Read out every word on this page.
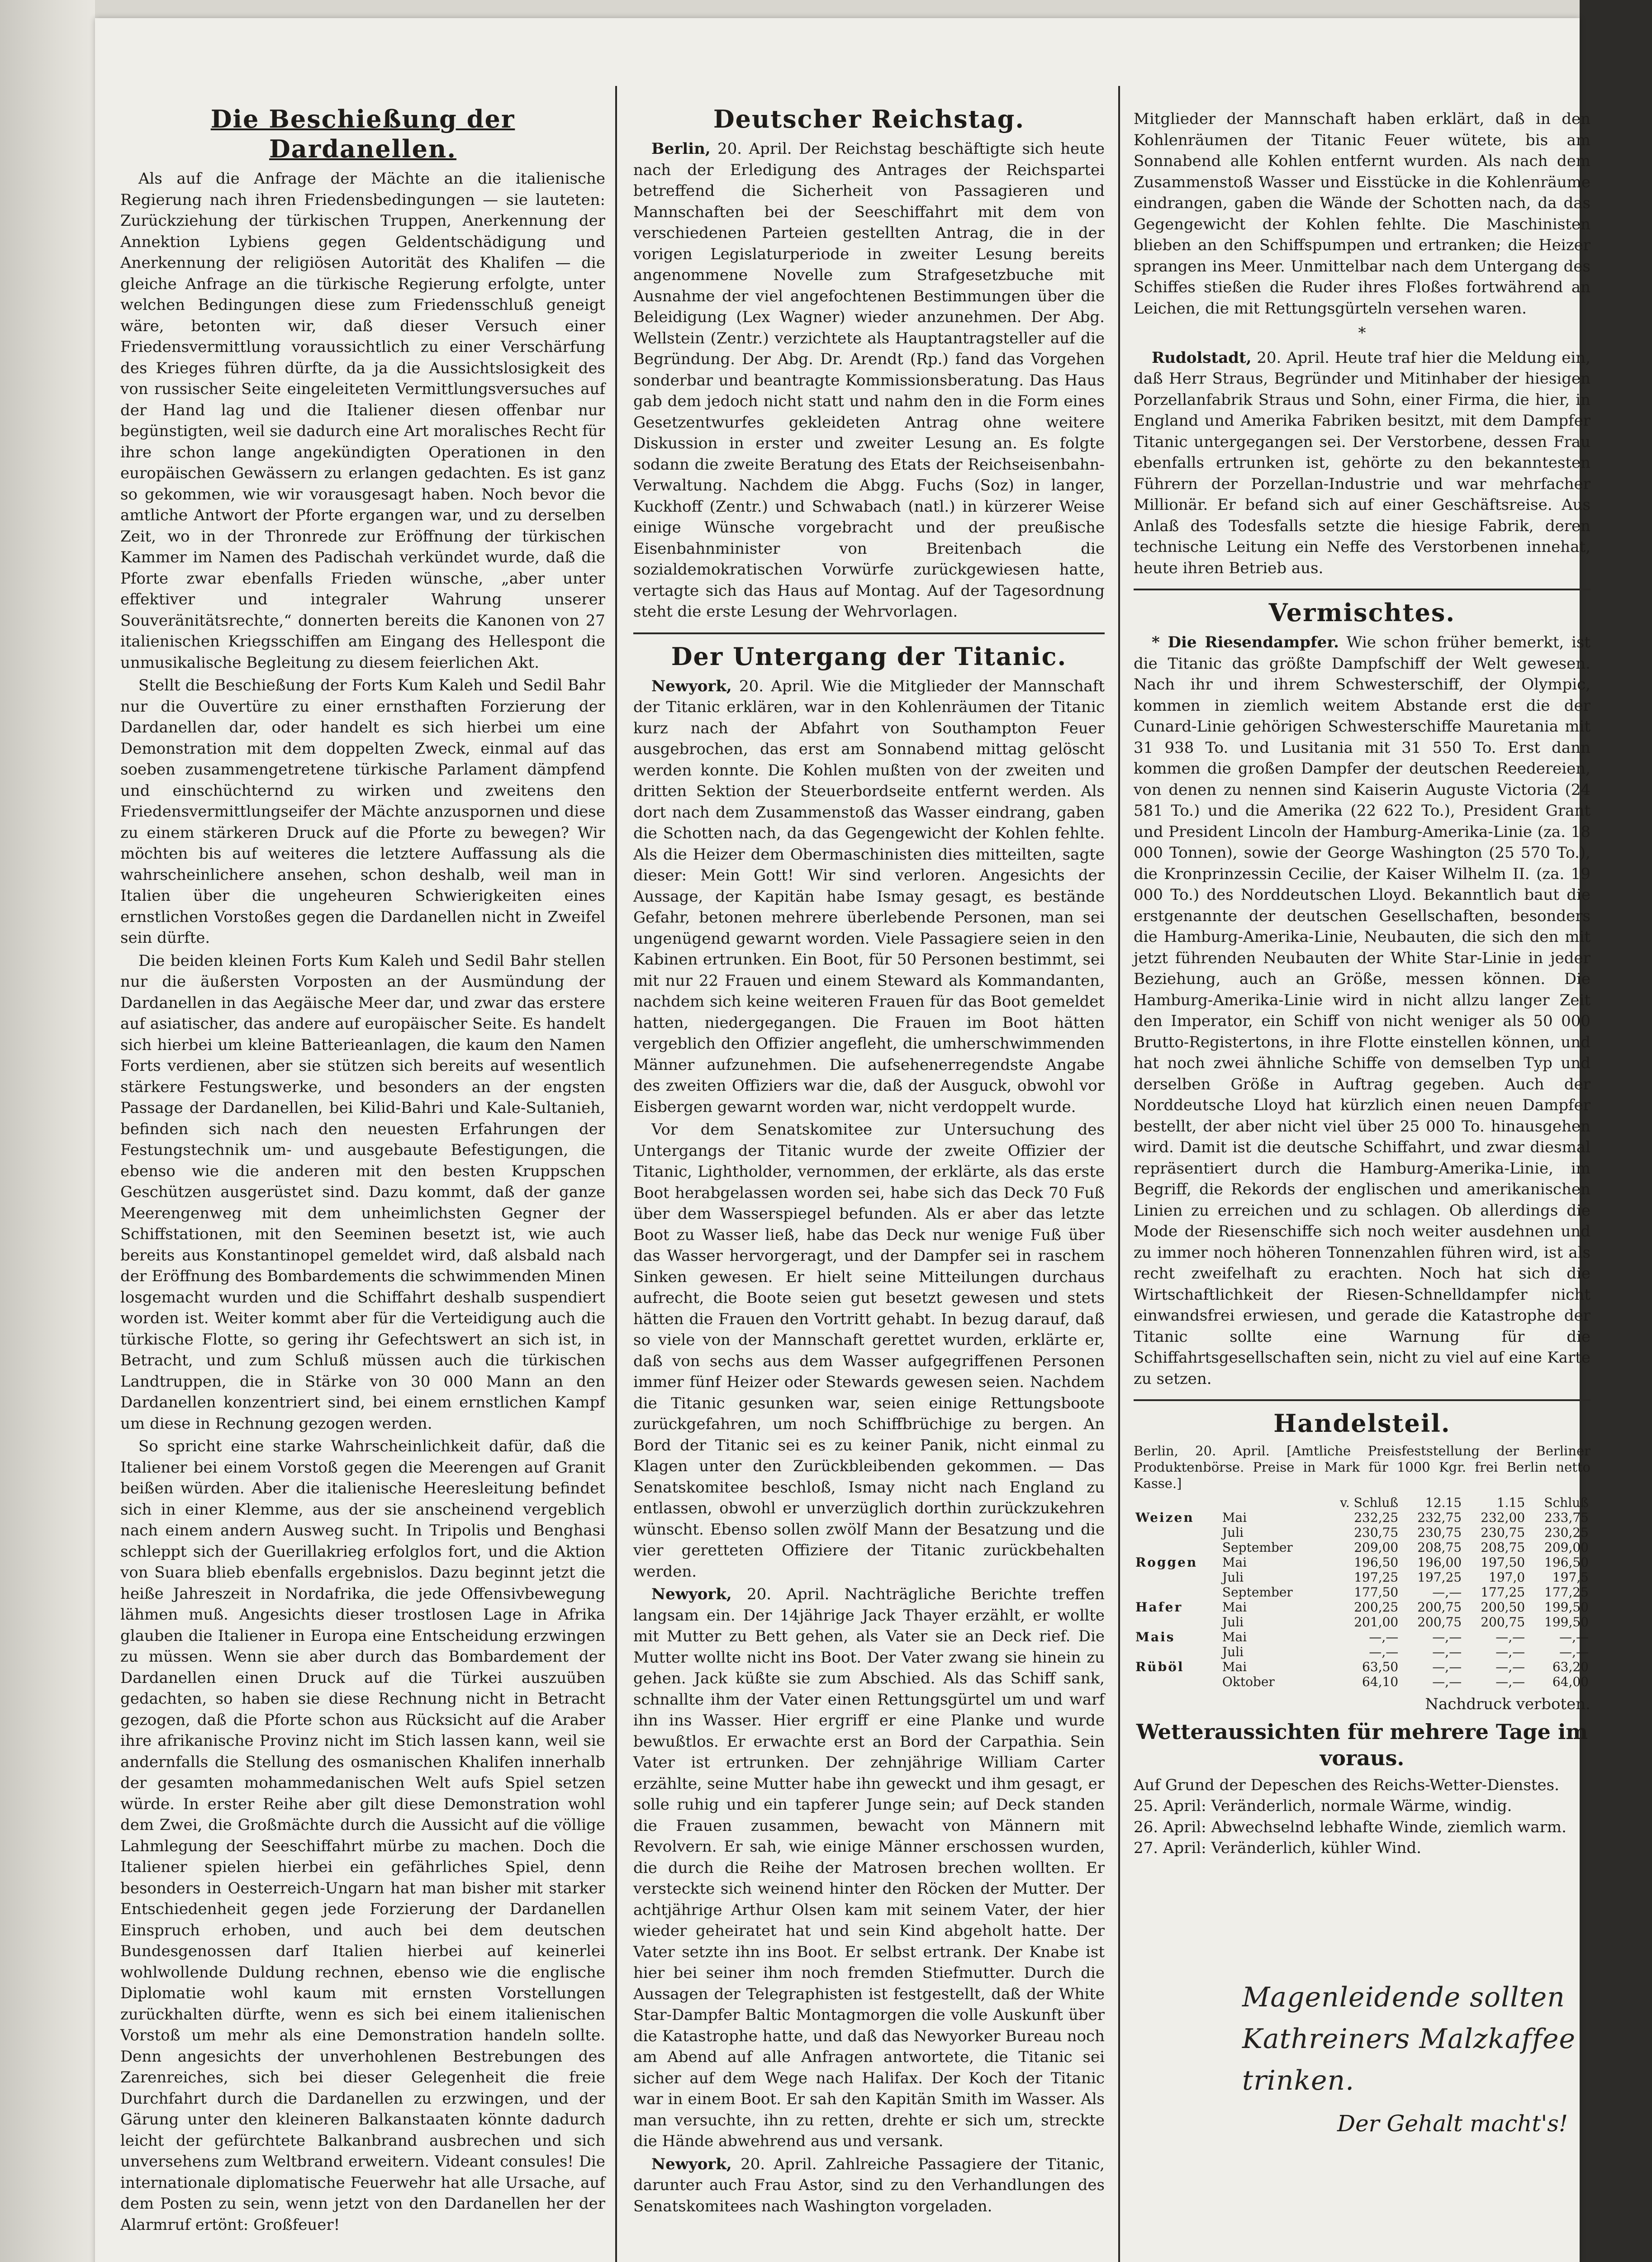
Die Beschießung der Dardanellen.

Als auf die Anfrage der Mächte an die italienische Regierung nach ihren Friedensbedingungen — sie lauteten: Zurückziehung der türkischen Truppen, Anerkennung der Annektion Lybiens gegen Geldentschädigung und Anerkennung der religiösen Autorität des Khalifen — die gleiche Anfrage an die türkische Regierung erfolgte, unter welchen Bedingungen diese zum Friedensschluß geneigt wäre, betonten wir, daß dieser Versuch einer Friedensvermittlung voraussichtlich zu einer Verschärfung des Krieges führen dürfte, da ja die Aussichtslosigkeit des von russischer Seite eingeleiteten Vermittlungsversuches auf der Hand lag und die Italiener diesen offenbar nur begünstigten, weil sie dadurch eine Art moralisches Recht für ihre schon lange angekündigten Operationen in den europäischen Gewässern zu erlangen gedachten. Es ist ganz so gekommen, wie wir vorausgesagt haben. Noch bevor die amtliche Antwort der Pforte ergangen war, und zu derselben Zeit, wo in der Thronrede zur Eröffnung der türkischen Kammer im Namen des Padischah verkündet wurde, daß die Pforte zwar ebenfalls Frieden wünsche, „aber unter effektiver und integraler Wahrung unserer Souveränitätsrechte,“ donnerten bereits die Kanonen von 27 italienischen Kriegsschiffen am Eingang des Hellespont die unmusikalische Begleitung zu diesem feierlichen Akt.

Stellt die Beschießung der Forts Kum Kaleh und Sedil Bahr nur die Ouvertüre zu einer ernsthaften Forzierung der Dardanellen dar, oder handelt es sich hierbei um eine Demonstration mit dem doppelten Zweck, einmal auf das soeben zusammengetretene türkische Parlament dämpfend und einschüchternd zu wirken und zweitens den Friedensvermittlungseifer der Mächte anzuspornen und diese zu einem stärkeren Druck auf die Pforte zu bewegen? Wir möchten bis auf weiteres die letztere Auffassung als die wahrscheinlichere ansehen, schon deshalb, weil man in Italien über die ungeheuren Schwierigkeiten eines ernstlichen Vorstoßes gegen die Dardanellen nicht in Zweifel sein dürfte.

Die beiden kleinen Forts Kum Kaleh und Sedil Bahr stellen nur die äußersten Vorposten an der Ausmündung der Dardanellen in das Aegäische Meer dar, und zwar das erstere auf asiatischer, das andere auf europäischer Seite. Es handelt sich hierbei um kleine Batterieanlagen, die kaum den Namen Forts verdienen, aber sie stützen sich bereits auf wesentlich stärkere Festungswerke, und besonders an der engsten Passage der Dardanellen, bei Kilid-Bahri und Kale-Sultanieh, befinden sich nach den neuesten Erfahrungen der Festungstechnik um- und ausgebaute Befestigungen, die ebenso wie die anderen mit den besten Kruppschen Geschützen ausgerüstet sind. Dazu kommt, daß der ganze Meerengenweg mit dem unheimlichsten Gegner der Schiffstationen, mit den Seeminen besetzt ist, wie auch bereits aus Konstantinopel gemeldet wird, daß alsbald nach der Eröffnung des Bombardements die schwimmenden Minen losgemacht wurden und die Schiffahrt deshalb suspendiert worden ist. Weiter kommt aber für die Verteidigung auch die türkische Flotte, so gering ihr Gefechtswert an sich ist, in Betracht, und zum Schluß müssen auch die türkischen Landtruppen, die in Stärke von 30 000 Mann an den Dardanellen konzentriert sind, bei einem ernstlichen Kampf um diese in Rechnung gezogen werden.

So spricht eine starke Wahrscheinlichkeit dafür, daß die Italiener bei einem Vorstoß gegen die Meerengen auf Granit beißen würden. Aber die italienische Heeresleitung befindet sich in einer Klemme, aus der sie anscheinend vergeblich nach einem andern Ausweg sucht. In Tripolis und Benghasi schleppt sich der Guerillakrieg erfolglos fort, und die Aktion von Suara blieb ebenfalls ergebnislos. Dazu beginnt jetzt die heiße Jahreszeit in Nordafrika, die jede Offensivbewegung lähmen muß. Angesichts dieser trostlosen Lage in Afrika glauben die Italiener in Europa eine Entscheidung erzwingen zu müssen. Wenn sie aber durch das Bombardement der Dardanellen einen Druck auf die Türkei auszuüben gedachten, so haben sie diese Rechnung nicht in Betracht gezogen, daß die Pforte schon aus Rücksicht auf die Araber ihre afrikanische Provinz nicht im Stich lassen kann, weil sie andernfalls die Stellung des osmanischen Khalifen innerhalb der gesamten mohammedanischen Welt aufs Spiel setzen würde. In erster Reihe aber gilt diese Demonstration wohl dem Zwei, die Großmächte durch die Aussicht auf die völlige Lahmlegung der Seeschiffahrt mürbe zu machen. Doch die Italiener spielen hierbei ein gefährliches Spiel, denn besonders in Oesterreich-Ungarn hat man bisher mit starker Entschiedenheit gegen jede Forzierung der Dardanellen Einspruch erhoben, und auch bei dem deutschen Bundesgenossen darf Italien hierbei auf keinerlei wohlwollende Duldung rechnen, ebenso wie die englische Diplomatie wohl kaum mit ernsten Vorstellungen zurückhalten dürfte, wenn es sich bei einem italienischen Vorstoß um mehr als eine Demonstration handeln sollte. Denn angesichts der unverhohlenen Bestrebungen des Zarenreiches, sich bei dieser Gelegenheit die freie Durchfahrt durch die Dardanellen zu erzwingen, und der Gärung unter den kleineren Balkanstaaten könnte dadurch leicht der gefürchtete Balkanbrand ausbrechen und sich unversehens zum Weltbrand erweitern. Videant consules! Die internationale diplomatische Feuerwehr hat alle Ursache, auf dem Posten zu sein, wenn jetzt von den Dardanellen her der Alarmruf ertönt: Großfeuer!

Deutscher Reichstag.

Berlin, 20. April. Der Reichstag beschäftigte sich heute nach der Erledigung des Antrages der Reichspartei betreffend die Sicherheit von Passagieren und Mannschaften bei der Seeschiffahrt mit dem von verschiedenen Parteien gestellten Antrag, die in der vorigen Legislaturperiode in zweiter Lesung bereits angenommene Novelle zum Strafgesetzbuche mit Ausnahme der viel angefochtenen Bestimmungen über die Beleidigung (Lex Wagner) wieder anzunehmen. Der Abg. Wellstein (Zentr.) verzichtete als Hauptantragsteller auf die Begründung. Der Abg. Dr. Arendt (Rp.) fand das Vorgehen sonderbar und beantragte Kommissionsberatung. Das Haus gab dem jedoch nicht statt und nahm den in die Form eines Gesetzentwurfes gekleideten Antrag ohne weitere Diskussion in erster und zweiter Lesung an. Es folgte sodann die zweite Beratung des Etats der Reichseisenbahn-Verwaltung. Nachdem die Abgg. Fuchs (Soz) in langer, Kuckhoff (Zentr.) und Schwabach (natl.) in kürzerer Weise einige Wünsche vorgebracht und der preußische Eisenbahnminister von Breitenbach die sozialdemokratischen Vorwürfe zurückgewiesen hatte, vertagte sich das Haus auf Montag. Auf der Tagesordnung steht die erste Lesung der Wehrvorlagen.

Der Untergang der Titanic.

Newyork, 20. April. Wie die Mitglieder der Mannschaft der Titanic erklären, war in den Kohlenräumen der Titanic kurz nach der Abfahrt von Southampton Feuer ausgebrochen, das erst am Sonnabend mittag gelöscht werden konnte. Die Kohlen mußten von der zweiten und dritten Sektion der Steuerbordseite entfernt werden. Als dort nach dem Zusammenstoß das Wasser eindrang, gaben die Schotten nach, da das Gegengewicht der Kohlen fehlte. Als die Heizer dem Obermaschinisten dies mitteilten, sagte dieser: Mein Gott! Wir sind verloren. Angesichts der Aussage, der Kapitän habe Ismay gesagt, es bestände Gefahr, betonen mehrere überlebende Personen, man sei ungenügend gewarnt worden. Viele Passagiere seien in den Kabinen ertrunken. Ein Boot, für 50 Personen bestimmt, sei mit nur 22 Frauen und einem Steward als Kommandanten, nachdem sich keine weiteren Frauen für das Boot gemeldet hatten, niedergegangen. Die Frauen im Boot hätten vergeblich den Offizier angefleht, die umherschwimmenden Männer aufzunehmen. Die aufsehenerregendste Angabe des zweiten Offiziers war die, daß der Ausguck, obwohl vor Eisbergen gewarnt worden war, nicht verdoppelt wurde.

Vor dem Senatskomitee zur Untersuchung des Untergangs der Titanic wurde der zweite Offizier der Titanic, Lightholder, vernommen, der erklärte, als das erste Boot herabgelassen worden sei, habe sich das Deck 70 Fuß über dem Wasserspiegel befunden. Als er aber das letzte Boot zu Wasser ließ, habe das Deck nur wenige Fuß über das Wasser hervorgeragt, und der Dampfer sei in raschem Sinken gewesen. Er hielt seine Mitteilungen durchaus aufrecht, die Boote seien gut besetzt gewesen und stets hätten die Frauen den Vortritt gehabt. In bezug darauf, daß so viele von der Mannschaft gerettet wurden, erklärte er, daß von sechs aus dem Wasser aufgegriffenen Personen immer fünf Heizer oder Stewards gewesen seien. Nachdem die Titanic gesunken war, seien einige Rettungsboote zurückgefahren, um noch Schiffbrüchige zu bergen. An Bord der Titanic sei es zu keiner Panik, nicht einmal zu Klagen unter den Zurückbleibenden gekommen. — Das Senatskomitee beschloß, Ismay nicht nach England zu entlassen, obwohl er unverzüglich dorthin zurückzukehren wünscht. Ebenso sollen zwölf Mann der Besatzung und die vier geretteten Offiziere der Titanic zurückbehalten werden.

Newyork, 20. April. Nachträgliche Berichte treffen langsam ein. Der 14jährige Jack Thayer erzählt, er wollte mit Mutter zu Bett gehen, als Vater sie an Deck rief. Die Mutter wollte nicht ins Boot. Der Vater zwang sie hinein zu gehen. Jack küßte sie zum Abschied. Als das Schiff sank, schnallte ihm der Vater einen Rettungsgürtel um und warf ihn ins Wasser. Hier ergriff er eine Planke und wurde bewußtlos. Er erwachte erst an Bord der Carpathia. Sein Vater ist ertrunken. Der zehnjährige William Carter erzählte, seine Mutter habe ihn geweckt und ihm gesagt, er solle ruhig und ein tapferer Junge sein; auf Deck standen die Frauen zusammen, bewacht von Männern mit Revolvern. Er sah, wie einige Männer erschossen wurden, die durch die Reihe der Matrosen brechen wollten. Er versteckte sich weinend hinter den Röcken der Mutter. Der achtjährige Arthur Olsen kam mit seinem Vater, der hier wieder geheiratet hat und sein Kind abgeholt hatte. Der Vater setzte ihn ins Boot. Er selbst ertrank. Der Knabe ist hier bei seiner ihm noch fremden Stiefmutter. Durch die Aussagen der Telegraphisten ist festgestellt, daß der White Star-Dampfer Baltic Montagmorgen die volle Auskunft über die Katastrophe hatte, und daß das Newyorker Bureau noch am Abend auf alle Anfragen antwortete, die Titanic sei sicher auf dem Wege nach Halifax. Der Koch der Titanic war in einem Boot. Er sah den Kapitän Smith im Wasser. Als man versuchte, ihn zu retten, drehte er sich um, streckte die Hände abwehrend aus und versank.

Newyork, 20. April. Zahlreiche Passagiere der Titanic, darunter auch Frau Astor, sind zu den Verhandlungen des Senatskomitees nach Washington vorgeladen.

Mitglieder der Mannschaft haben erklärt, daß in den Kohlenräumen der Titanic Feuer wütete, bis am Sonnabend alle Kohlen entfernt wurden. Als nach dem Zusammenstoß Wasser und Eisstücke in die Kohlenräume eindrangen, gaben die Wände der Schotten nach, da das Gegengewicht der Kohlen fehlte. Die Maschinisten blieben an den Schiffspumpen und ertranken; die Heizer sprangen ins Meer. Unmittelbar nach dem Untergang des Schiffes stießen die Ruder ihres Floßes fortwährend an Leichen, die mit Rettungsgürteln versehen waren.

*

Rudolstadt, 20. April. Heute traf hier die Meldung ein, daß Herr Straus, Begründer und Mitinhaber der hiesigen Porzellanfabrik Straus und Sohn, einer Firma, die hier, in England und Amerika Fabriken besitzt, mit dem Dampfer Titanic untergegangen sei. Der Verstorbene, dessen Frau ebenfalls ertrunken ist, gehörte zu den bekanntesten Führern der Porzellan-Industrie und war mehrfacher Millionär. Er befand sich auf einer Geschäftsreise. Aus Anlaß des Todesfalls setzte die hiesige Fabrik, deren technische Leitung ein Neffe des Verstorbenen innehat, heute ihren Betrieb aus.

Vermischtes.

* Die Riesendampfer. Wie schon früher bemerkt, ist die Titanic das größte Dampfschiff der Welt gewesen. Nach ihr und ihrem Schwesterschiff, der Olympic, kommen in ziemlich weitem Abstande erst die der Cunard-Linie gehörigen Schwesterschiffe Mauretania mit 31 938 To. und Lusitania mit 31 550 To. Erst dann kommen die großen Dampfer der deutschen Reedereien, von denen zu nennen sind Kaiserin Auguste Victoria (24 581 To.) und die Amerika (22 622 To.), President Grant und President Lincoln der Hamburg-Amerika-Linie (za. 18 000 Tonnen), sowie der George Washington (25 570 To.), die Kronprinzessin Cecilie, der Kaiser Wilhelm II. (za. 19 000 To.) des Norddeutschen Lloyd. Bekanntlich baut die erstgenannte der deutschen Gesellschaften, besonders die Hamburg-Amerika-Linie, Neubauten, die sich den mit jetzt führenden Neubauten der White Star-Linie in jeder Beziehung, auch an Größe, messen können. Die Hamburg-Amerika-Linie wird in nicht allzu langer Zeit den Imperator, ein Schiff von nicht weniger als 50 000 Brutto-Registertons, in ihre Flotte einstellen können, und hat noch zwei ähnliche Schiffe von demselben Typ und derselben Größe in Auftrag gegeben. Auch der Norddeutsche Lloyd hat kürzlich einen neuen Dampfer bestellt, der aber nicht viel über 25 000 To. hinausgehen wird. Damit ist die deutsche Schiffahrt, und zwar diesmal repräsentiert durch die Hamburg-Amerika-Linie, im Begriff, die Rekords der englischen und amerikanischen Linien zu erreichen und zu schlagen. Ob allerdings die Mode der Riesenschiffe sich noch weiter ausdehnen und zu immer noch höheren Tonnenzahlen führen wird, ist als recht zweifelhaft zu erachten. Noch hat sich die Wirtschaftlichkeit der Riesen-Schnelldampfer nicht einwandsfrei erwiesen, und gerade die Katastrophe der Titanic sollte eine Warnung für die Schiffahrtsgesellschaften sein, nicht zu viel auf eine Karte zu setzen.

Handelsteil.
Berlin, 20. April. [Amtliche Preisfeststellung der Berliner Produktenbörse. Preise in Mark für 1000 Kgr. frei Berlin netto Kasse.]
		v. Schluß	12.15	1.15	Schluß
Weizen	Mai	232,25	232,75	232,00	233,75
	Juli	230,75	230,75	230,75	230,25
	September	209,00	208,75	208,75	209,00
Roggen	Mai	196,50	196,00	197,50	196,50
	Juli	197,25	197,25	197,0	197,5
	September	177,50	—,—	177,25	177,25
Hafer	Mai	200,25	200,75	200,50	199,50
	Juli	201,00	200,75	200,75	199,50
Mais	Mai	—,—	—,—	—,—	—,—
	Juli	—,—	—,—	—,—	—,—
Rüböl	Mai	63,50	—,—	—,—	63,20
	Oktober	64,10	—,—	—,—	64,00
Nachdruck verboten.
Wetteraussichten für mehrere Tage im voraus.

Auf Grund der Depeschen des Reichs-Wetter-Dienstes.

25. April: Veränderlich, normale Wärme, windig.

26. April: Abwechselnd lebhafte Winde, ziemlich warm.

27. April: Veränderlich, kühler Wind.

Magenleidende sollten
Kathreiners Malzkaffee
trinken.
Der Gehalt macht's!
